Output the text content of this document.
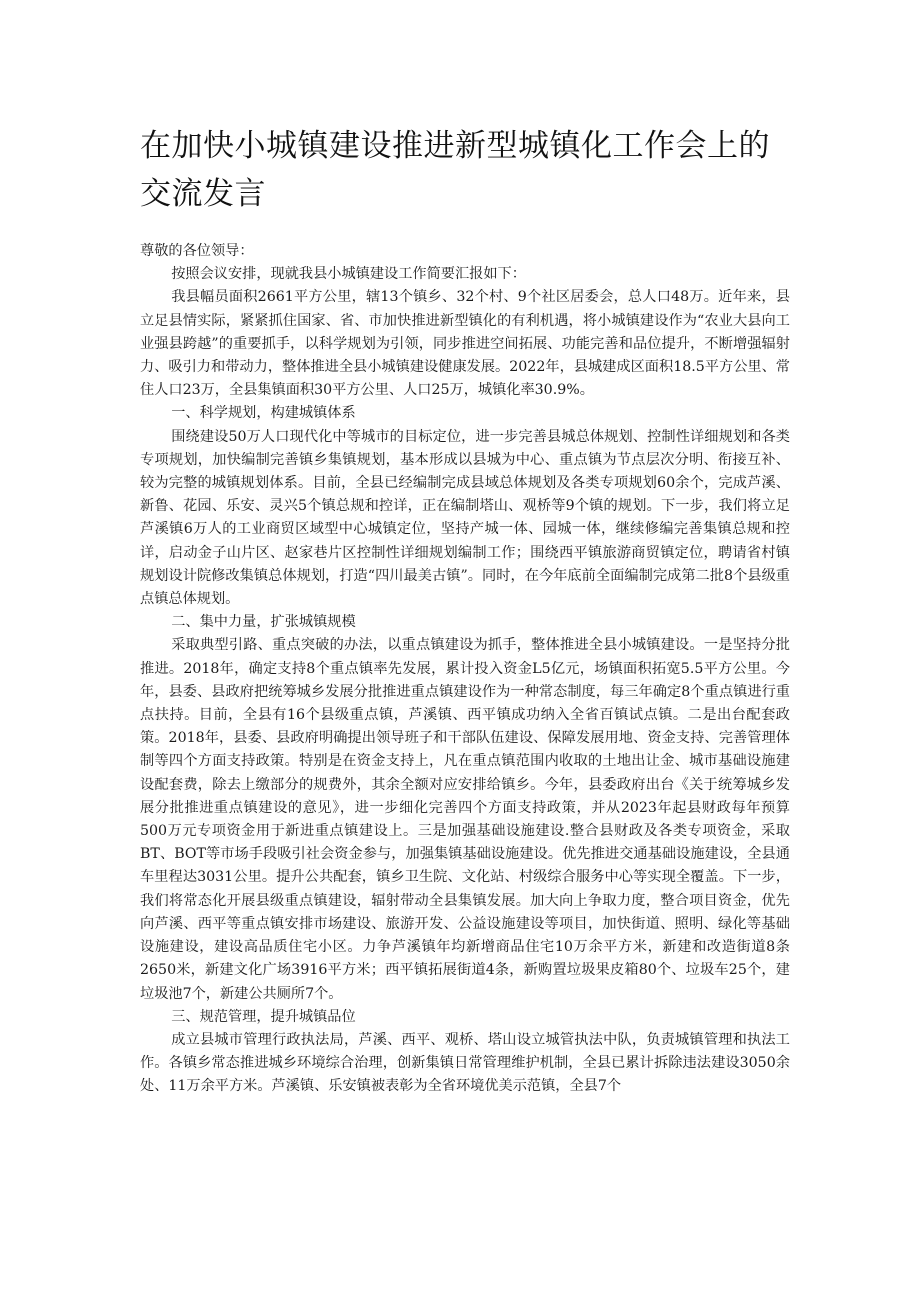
在加快小城镇建设推进新型城镇化工作会上的交流发言

尊敬的各位领导：

按照会议安排，现就我县小城镇建设工作简要汇报如下：

我县幅员面积2661平方公里，辖13个镇乡、32个村、9个社区居委会，总人口48万。近年来，县立足县情实际，紧紧抓住国家、省、市加快推进新型镇化的有利机遇，将小城镇建设作为“农业大县向工业强县跨越”的重要抓手，以科学规划为引领，同步推进空间拓展、功能完善和品位提升，不断增强辐射力、吸引力和带动力，整体推进全县小城镇建设健康发展。2022年，县城建成区面积18.5平方公里、常住人口23万，全县集镇面积30平方公里、人口25万，城镇化率30.9%。

一、科学规划，构建城镇体系

围绕建设50万人口现代化中等城市的目标定位，进一步完善县城总体规划、控制性详细规划和各类专项规划，加快编制完善镇乡集镇规划，基本形成以县城为中心、重点镇为节点层次分明、衔接互补、较为完整的城镇规划体系。目前，全县已经编制完成县域总体规划及各类专项规划60余个，完成芦溪、新鲁、花园、乐安、灵兴5个镇总规和控详，正在编制塔山、观桥等9个镇的规划。下一步，我们将立足芦溪镇6万人的工业商贸区域型中心城镇定位，坚持产城一体、园城一体，继续修编完善集镇总规和控详，启动金子山片区、赵家巷片区控制性详细规划编制工作；围绕西平镇旅游商贸镇定位，聘请省村镇规划设计院修改集镇总体规划，打造“四川最美古镇”。同时，在今年底前全面编制完成第二批8个县级重点镇总体规划。

二、集中力量，扩张城镇规模

采取典型引路、重点突破的办法，以重点镇建设为抓手，整体推进全县小城镇建设。一是坚持分批推进。2018年，确定支持8个重点镇率先发展，累计投入资金L5亿元，场镇面积拓宽5.5平方公里。今年，县委、县政府把统筹城乡发展分批推进重点镇建设作为一种常态制度，每三年确定8个重点镇进行重点扶持。目前，全县有16个县级重点镇，芦溪镇、西平镇成功纳入全省百镇试点镇。二是出台配套政策。2018年，县委、县政府明确提出领导班子和干部队伍建设、保障发展用地、资金支持、完善管理体制等四个方面支持政策。特别是在资金支持上，凡在重点镇范围内收取的土地出让金、城市基础设施建设配套费，除去上缴部分的规费外，其余全额对应安排给镇乡。今年，县委政府出台《关于统筹城乡发展分批推进重点镇建设的意见》，进一步细化完善四个方面支持政策，并从2023年起县财政每年预算500万元专项资金用于新进重点镇建设上。三是加强基础设施建设.整合县财政及各类专项资金，采取BT、BOT等市场手段吸引社会资金参与，加强集镇基础设施建设。优先推进交通基础设施建设，全县通车里程达3031公里。提升公共配套，镇乡卫生院、文化站、村级综合服务中心等实现全覆盖。下一步，我们将常态化开展县级重点镇建设，辐射带动全县集镇发展。加大向上争取力度，整合项目资金，优先向芦溪、西平等重点镇安排市场建设、旅游开发、公益设施建设等项目，加快街道、照明、绿化等基础设施建设，建设高品质住宅小区。力争芦溪镇年均新增商品住宅10万余平方米，新建和改造街道8条2650米，新建文化广场3916平方米；西平镇拓展街道4条，新购置垃圾果皮箱80个、垃圾车25个，建垃圾池7个，新建公共厕所7个。

三、规范管理，提升城镇品位

成立县城市管理行政执法局，芦溪、西平、观桥、塔山设立城管执法中队，负责城镇管理和执法工作。各镇乡常态推进城乡环境综合治理，创新集镇日常管理维护机制，全县已累计拆除违法建设3050余处、11万余平方米。芦溪镇、乐安镇被表彰为全省环境优美示范镇，全县7个
